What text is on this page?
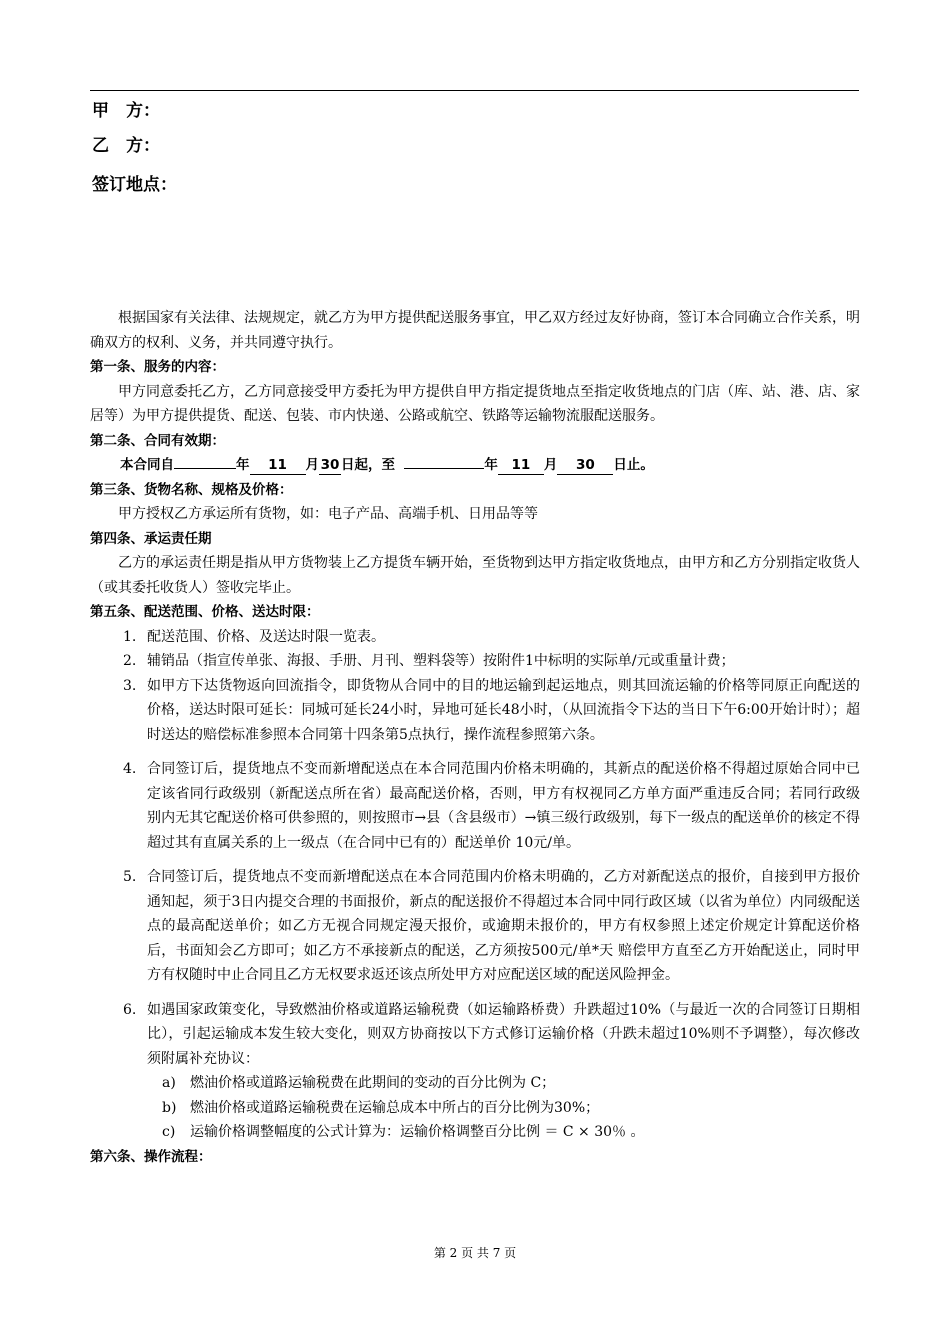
甲　方：
乙　方：
签订地点：

根据国家有关法律、法规规定，就乙方为甲方提供配送服务事宜，甲乙双方经过友好协商，签订本合同确立合作关系，明确双方的权利、义务，并共同遵守执行。

第一条、服务的内容：

甲方同意委托乙方，乙方同意接受甲方委托为甲方提供自甲方指定提货地点至指定收货地点的门店（库、站、港、店、家居等）为甲方提供提货、配送、包装、市内快递、公路或航空、铁路等运输物流服配送服务。

第二条、合同有效期：

本合同自	年 11 月 30 日起，至	年 11 月 30 日止。

第三条、货物名称、规格及价格：

甲方授权乙方承运所有货物，如：电子产品、高端手机、日用品等等

第四条、承运责任期

乙方的承运责任期是指从甲方货物装上乙方提货车辆开始，至货物到达甲方指定收货地点，由甲方和乙方分别指定收货人（或其委托收货人）签收完毕止。

第五条、配送范围、价格、送达时限：

1. 配送范围、价格、及送达时限一览表。
2. 辅销品（指宣传单张、海报、手册、月刊、塑料袋等）按附件1中标明的实际单/元或重量计费；
3. 如甲方下达货物返向回流指令，即货物从合同中的目的地运输到起运地点，则其回流运输的价格等同原正向配送的价格，送达时限可延长：同城可延长24小时，异地可延长48小时，（从回流指令下达的当日下午6:00开始计时）；超时送达的赔偿标准参照本合同第十四条第5点执行，操作流程参照第六条。
4. 合同签订后，提货地点不变而新增配送点在本合同范围内价格未明确的，其新点的配送价格不得超过原始合同中已定该省同行政级别（新配送点所在省）最高配送价格，否则，甲方有权视同乙方单方面严重违反合同；若同行政级别内无其它配送价格可供参照的，则按照市→县（含县级市）→镇三级行政级别，每下一级点的配送单价的核定不得超过其有直属关系的上一级点（在合同中已有的）配送单价 10元/单。
5. 合同签订后，提货地点不变而新增配送点在本合同范围内价格未明确的，乙方对新配送点的报价，自接到甲方报价通知起，须于3日内提交合理的书面报价，新点的配送报价不得超过本合同中同行政区域（以省为单位）内同级配送点的最高配送单价；如乙方无视合同规定漫天报价，或逾期未报价的，甲方有权参照上述定价规定计算配送价格后，书面知会乙方即可；如乙方不承接新点的配送，乙方须按500元/单*天 赔偿甲方直至乙方开始配送止，同时甲方有权随时中止合同且乙方无权要求返还该点所处甲方对应配送区域的配送风险押金。
6. 如遇国家政策变化，导致燃油价格或道路运输税费（如运输路桥费）升跌超过10%（与最近一次的合同签订日期相比），引起运输成本发生较大变化，则双方协商按以下方式修订运输价格（升跌未超过10%则不予调整），每次修改须附属补充协议：
a) 燃油价格或道路运输税费在此期间的变动的百分比例为 C；
b) 燃油价格或道路运输税费在运输总成本中所占的百分比例为30%；
c) 运输价格调整幅度的公式计算为：运输价格调整百分比例 ＝ C × 30％ 。

第六条、操作流程：

第 2 页 共 7 页
